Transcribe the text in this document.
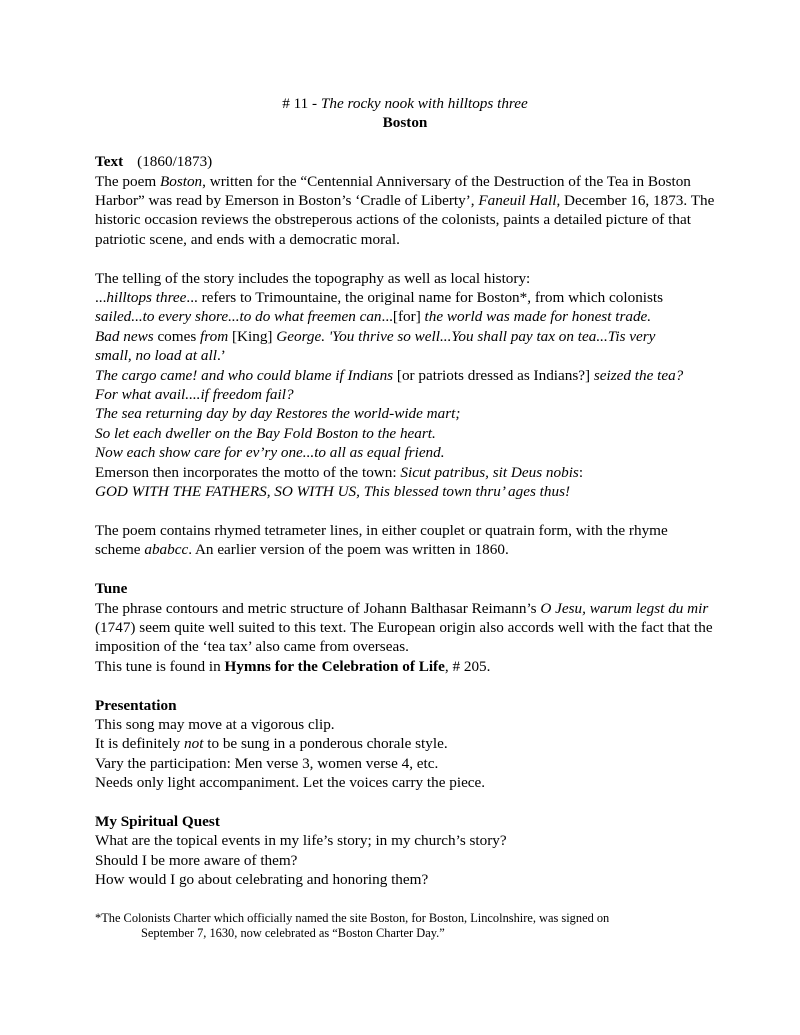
# 11 - The rocky nook with hilltops three

Boston

Text (1860/1873)

The poem Boston, written for the “Centennial Anniversary of the Destruction of the Tea in Boston Harbor” was read by Emerson in Boston’s ‘Cradle of Liberty’, Faneuil Hall, December 16, 1873. The historic occasion reviews the obstreperous actions of the colonists, paints a detailed picture of that patriotic scene, and ends with a democratic moral.

The telling of the story includes the topography as well as local history:

...hilltops three... refers to Trimountaine, the original name for Boston*, from which colonists

sailed...to every shore...to do what freemen can...[for] the world was made for honest trade.

Bad news comes from [King] George. 'You thrive so well...You shall pay tax on tea...Tis very

small, no load at all.’

The cargo came! and who could blame if Indians [or patriots dressed as Indians?] seized the tea?

For what avail....if freedom fail?

The sea returning day by day Restores the world-wide mart;

So let each dweller on the Bay Fold Boston to the heart.

Now each show care for ev’ry one...to all as equal friend.

Emerson then incorporates the motto of the town: Sicut patribus, sit Deus nobis:

GOD WITH THE FATHERS, SO WITH US, This blessed town thru’ ages thus!

The poem contains rhymed tetrameter lines, in either couplet or quatrain form, with the rhyme scheme ababcc. An earlier version of the poem was written in 1860.

Tune

The phrase contours and metric structure of Johann Balthasar Reimann’s O Jesu, warum legst du mir (1747) seem quite well suited to this text. The European origin also accords well with the fact that the imposition of the ‘tea tax’ also came from overseas.

This tune is found in Hymns for the Celebration of Life, # 205.

Presentation

This song may move at a vigorous clip.

It is definitely not to be sung in a ponderous chorale style.

Vary the participation: Men verse 3, women verse 4, etc.

Needs only light accompaniment. Let the voices carry the piece.

My Spiritual Quest

What are the topical events in my life’s story; in my church’s story?

Should I be more aware of them?

How would I go about celebrating and honoring them?

*The Colonists Charter which officially named the site Boston, for Boston, Lincolnshire, was signed on
September 7, 1630, now celebrated as “Boston Charter Day.”
